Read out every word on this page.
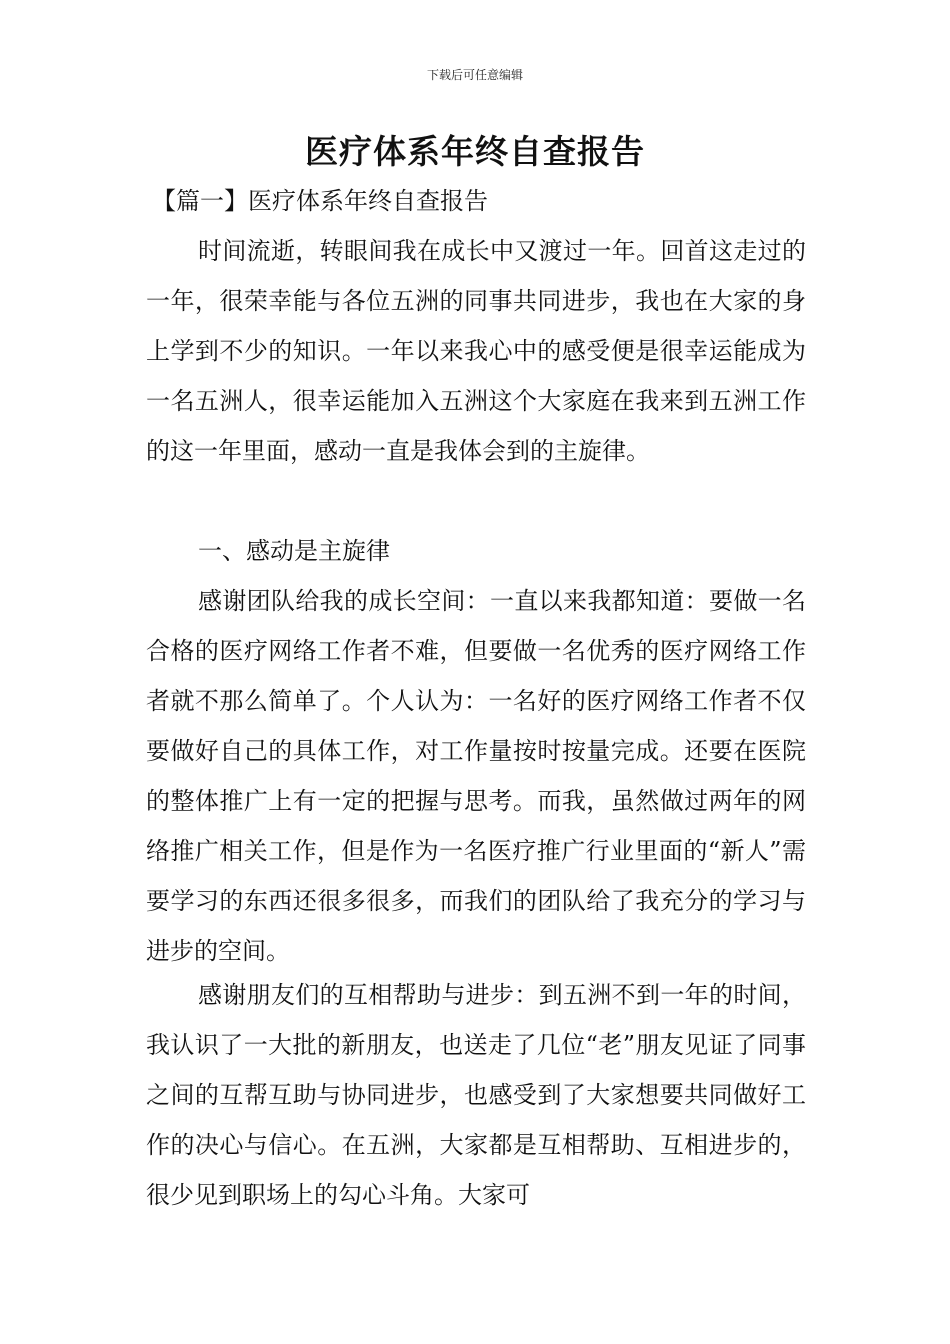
下载后可任意编辑
医疗体系年终自查报告
【篇一】医疗体系年终自查报告

时间流逝，转眼间我在成长中又渡过一年。回首这走过的一年，很荣幸能与各位五洲的同事共同进步，我也在大家的身上学到不少的知识。一年以来我心中的感受便是很幸运能成为一名五洲人，很幸运能加入五洲这个大家庭在我来到五洲工作的这一年里面，感动一直是我体会到的主旋律。

一、感动是主旋律

感谢团队给我的成长空间：一直以来我都知道：要做一名合格的医疗网络工作者不难，但要做一名优秀的医疗网络工作者就不那么简单了。个人认为：一名好的医疗网络工作者不仅要做好自己的具体工作，对工作量按时按量完成。还要在医院的整体推广上有一定的把握与思考。而我，虽然做过两年的网络推广相关工作，但是作为一名医疗推广行业里面的“新人”需要学习的东西还很多很多，而我们的团队给了我充分的学习与进步的空间。

感谢朋友们的互相帮助与进步：到五洲不到一年的时间，我认识了一大批的新朋友，也送走了几位“老”朋友见证了同事之间的互帮互助与协同进步，也感受到了大家想要共同做好工作的决心与信心。在五洲，大家都是互相帮助、互相进步的，很少见到职场上的勾心斗角。大家可
